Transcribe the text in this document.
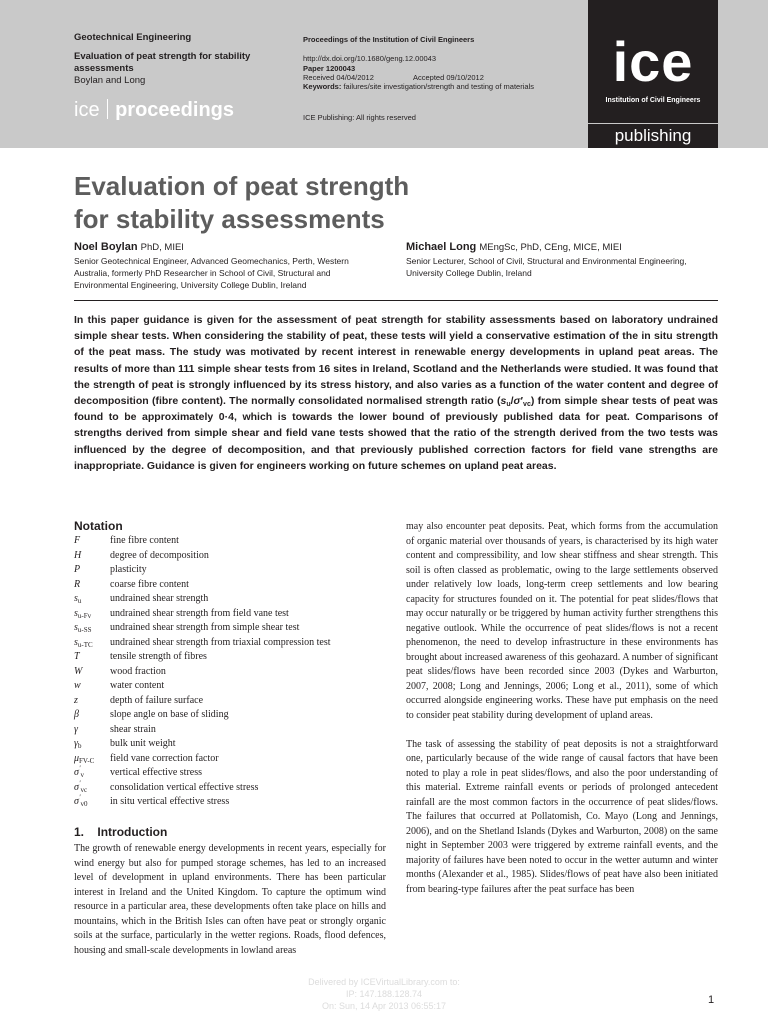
Geotechnical Engineering
Evaluation of peat strength for stability assessments
Boylan and Long
Proceedings of the Institution of Civil Engineers
http://dx.doi.org/10.1680/geng.12.00043
Paper 1200043
Received 04/04/2012	Accepted 09/10/2012
Keywords: failures/site investigation/strength and testing of materials
ICE Publishing: All rights reserved
ice proceedings
ice
Institution of Civil Engineers
publishing
Evaluation of peat strength
for stability assessments
Noel Boylan PhD, MIEI
Senior Geotechnical Engineer, Advanced Geomechanics, Perth, Western
Australia, formerly PhD Researcher in School of Civil, Structural and
Environmental Engineering, University College Dublin, Ireland
Michael Long MEngSc, PhD, CEng, MICE, MIEI
Senior Lecturer, School of Civil, Structural and Environmental Engineering,
University College Dublin, Ireland

In this paper guidance is given for the assessment of peat strength for stability assessments based on laboratory undrained simple shear tests. When considering the stability of peat, these tests will yield a conservative estimation of the in situ strength of the peat mass. The study was motivated by recent interest in renewable energy developments in upland peat areas. The results of more than 111 simple shear tests from 16 sites in Ireland, Scotland and the Netherlands were studied. It was found that the strength of peat is strongly influenced by its stress history, and also varies as a function of the water content and degree of decomposition (fibre content). The normally consolidated normalised strength ratio $(s_u/\sigma'_{vc})$ from simple shear tests of peat was found to be approximately 0·4, which is towards the lower bound of previously published data for peat. Comparisons of strengths derived from simple shear and field vane tests showed that the ratio of the strength derived from the two tests was influenced by the degree of decomposition, and that previously published correction factors for field vane strengths are inappropriate. Guidance is given for engineers working on future schemes on upland peat areas.

Notation
F	fine fibre content
H	degree of decomposition
P	plasticity
R	coarse fibre content
$s_u$	undrained shear strength
$s_{u-Fv}$	undrained shear strength from field vane test
$s_{u-SS}$	undrained shear strength from simple shear test
$s_{u-TC}$	undrained shear strength from triaxial compression test
T	tensile strength of fibres
W	wood fraction
w	water content
z	depth of failure surface
β	slope angle on base of sliding
γ	shear strain
$\gamma_b$	bulk unit weight
$\mu_{FV-C}$	field vane correction factor
$\sigma'_v$	vertical effective stress
$\sigma'_{vc}$	consolidation vertical effective stress
$\sigma'_{v0}$	in situ vertical effective stress
1. Introduction

The growth of renewable energy developments in recent years, especially for wind energy but also for pumped storage schemes, has led to an increased level of development in upland environments. There has been particular interest in Ireland and the United Kingdom. To capture the optimum wind resource in a particular area, these developments often take place on hills and mountains, which in the British Isles can often have peat or strongly organic soils at the surface, particularly in the wetter regions. Roads, flood defences, housing and small-scale developments in lowland areas

may also encounter peat deposits. Peat, which forms from the accumulation of organic material over thousands of years, is characterised by its high water content and compressibility, and low shear stiffness and shear strength. This soil is often classed as problematic, owing to the large settlements observed under relatively low loads, long-term creep settlements and low bearing capacity for structures founded on it. The potential for peat slides/flows that may occur naturally or be triggered by human activity further strengthens this negative outlook. While the occurrence of peat slides/flows is not a recent phenomenon, the need to develop infrastructure in these environments has brought about increased awareness of this geohazard. A number of significant peat slides/flows have been recorded since 2003 (Dykes and Warburton, 2007, 2008; Long and Jennings, 2006; Long et al., 2011), some of which occurred alongside engineering works. These have put emphasis on the need to consider peat stability during development of upland areas.

The task of assessing the stability of peat deposits is not a straightforward one, particularly because of the wide range of causal factors that have been noted to play a role in peat slides/flows, and also the poor understanding of this material. Extreme rainfall events or periods of prolonged antecedent rainfall are the most common factors in the occurrence of peat slides/flows. The failures that occurred at Pollatomish, Co. Mayo (Long and Jennings, 2006), and on the Shetland Islands (Dykes and Warburton, 2008) on the same night in September 2003 were triggered by extreme rainfall events, and the majority of failures have been noted to occur in the wetter autumn and winter months (Alexander et al., 1985). Slides/flows of peat have also been initiated from bearing-type failures after the peat surface has been

Delivered by ICEVirtualLibrary.com to:
IP: 147.188.128.74
On: Sun, 14 Apr 2013 06:55:17	1
